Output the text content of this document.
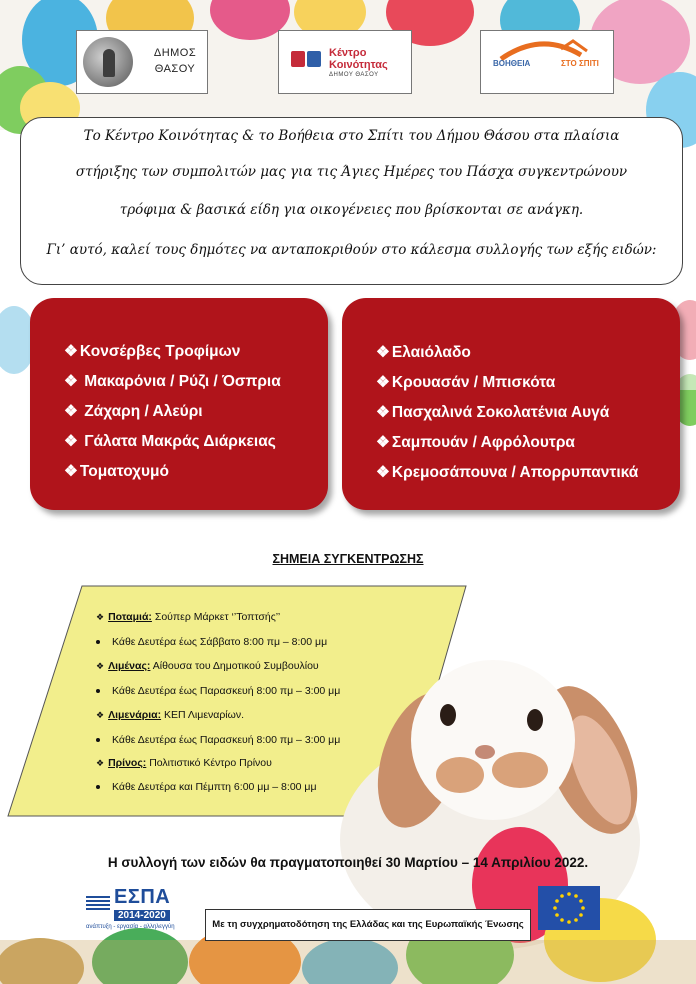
ΔΗΜΟΣ
ΘΑΣΟΥ
Κέντρο
Κοινότητας
ΔΗΜΟΥ ΘΑΣΟΥ
ΒΟΗΘΕΙΑ	ΣΤΟ ΣΠΙΤΙ
Το Κέντρο Κοινότητας & το Βοήθεια στο Σπίτι του Δήμου Θάσου στα πλαίσια
στήριξης των συμπολιτών μας για τις Άγιες Ημέρες του Πάσχα συγκεντρώνουν
τρόφιμα & βασικά είδη για οικογένειες που βρίσκονται σε ανάγκη.
Γι’ αυτό, καλεί τους δημότες να ανταποκριθούν στο κάλεσμα συλλογής των εξής ειδών:
❖ Κονσέρβες Τροφίμων
❖ Μακαρόνια / Ρύζι / Όσπρια
❖ Ζάχαρη / Αλεύρι
❖ Γάλατα Μακράς Διάρκειας
❖ Τοματοχυμό
❖ Ελαιόλαδο
❖ Κρουασάν / Μπισκότα
❖ Πασχαλινά Σοκολατένια Αυγά
❖ Σαμπουάν / Αφρόλουτρα
❖ Κρεμοσάπουνα / Απορρυπαντικά
ΣΗΜΕΙΑ ΣΥΓΚΕΝΤΡΩΣΗΣ
❖ Ποταμιά: Σούπερ Μάρκετ ‘’Τοπτσής’’
Κάθε Δευτέρα έως Σάββατο 8:00 πμ – 8:00 μμ
❖ Λιμένας: Αίθουσα του Δημοτικού Συμβουλίου
Κάθε Δευτέρα έως Παρασκευή 8:00 πμ – 3:00 μμ
❖ Λιμενάρια: ΚΕΠ Λιμεναρίων.
Κάθε Δευτέρα έως Παρασκευή 8:00 πμ – 3:00 μμ
❖ Πρίνος: Πολιτιστικό Κέντρο Πρίνου
Κάθε Δευτέρα και Πέμπτη 6:00 μμ – 8:00 μμ
Η συλλογή των ειδών θα πραγματοποιηθεί 30 Μαρτίου – 14 Απριλίου 2022.
ΕΣΠΑ
2014-2020
ανάπτυξη - εργασία - αλληλεγγύη	Με τη συγχρηματοδότηση της Ελλάδας και της Ευρωπαϊκής Ένωσης
